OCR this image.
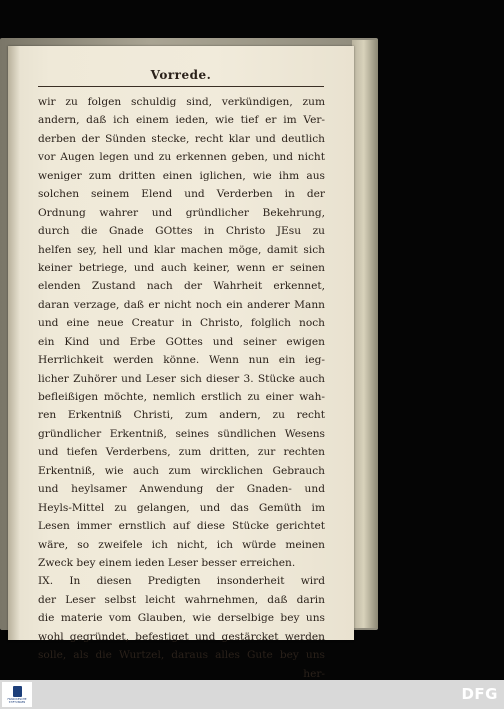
Vorrede.
wir zu folgen schuldig sind, verkündigen, zum
andern, daß ich einem ieden, wie tief er im Ver-
derben der Sünden stecke, recht klar und deutlich
vor Augen legen und zu erkennen geben, und nicht
weniger zum dritten einen iglichen, wie ihm aus
solchen seinem Elend und Verderben in der
Ordnung wahrer und gründlicher Bekehrung,
durch die Gnade GOttes in Christo JEsu zu
helfen sey, hell und klar machen möge, damit sich
keiner betriege, und auch keiner, wenn er seinen
elenden Zustand nach der Wahrheit erkennet,
daran verzage, daß er nicht noch ein anderer Mann
und eine neue Creatur in Christo, folglich noch
ein Kind und Erbe GOttes und seiner ewigen
Herrlichkeit werden könne. Wenn nun ein ieg-
licher Zuhörer und Leser sich dieser 3. Stücke auch
befleißigen möchte, nemlich erstlich zu einer wah-
ren Erkentniß Christi, zum andern, zu recht
gründlicher Erkentniß, seines sündlichen Wesens
und tiefen Verderbens, zum dritten, zur rechten
Erkentniß, wie auch zum wircklichen Gebrauch
und heylsamer Anwendung der Gnaden- und
Heyls-Mittel zu gelangen, und das Gemüth im
Lesen immer ernstlich auf diese Stücke gerichtet
wäre, so zweifele ich nicht, ich würde meinen
Zweck bey einem ieden Leser besser erreichen.
IX. In diesen Predigten insonderheit wird
der Leser selbst leicht wahrnehmen, daß darin
die materie vom Glauben, wie derselbige bey uns
wohl gegründet, befestiget und gestärcket werden
solle, als die Wurtzel, daraus alles Gute bey uns
her-
FRANCKESCHE STIFTUNGEN	DFG
